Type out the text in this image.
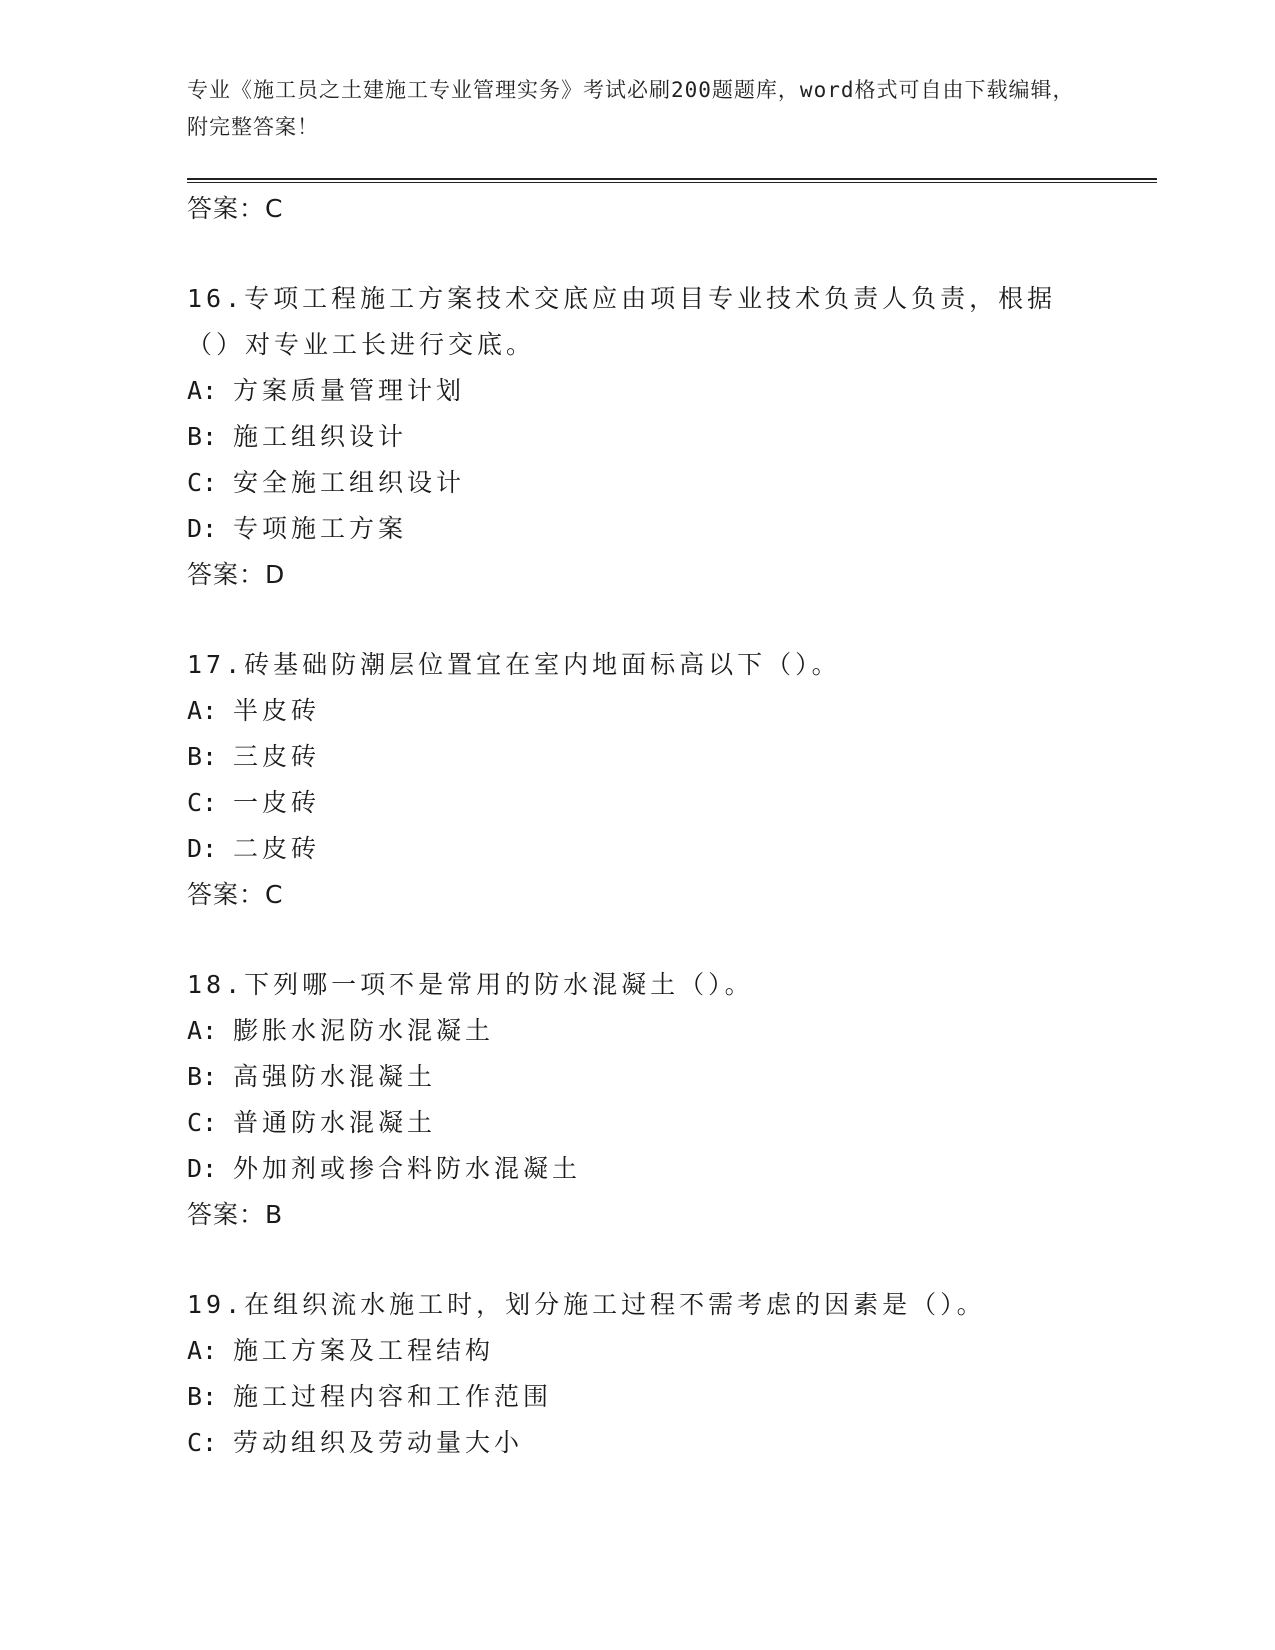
专业《施工员之土建施工专业管理实务》考试必刷200题题库，word格式可自由下载编辑，附完整答案！
答案：C
16.专项工程施工方案技术交底应由项目专业技术负责人负责，根据（）对专业工长进行交底。
A: 方案质量管理计划
B: 施工组织设计
C: 安全施工组织设计
D: 专项施工方案
答案：D
17.砖基础防潮层位置宜在室内地面标高以下（）。
A: 半皮砖
B: 三皮砖
C: 一皮砖
D: 二皮砖
答案：C
18.下列哪一项不是常用的防水混凝土（）。
A: 膨胀水泥防水混凝土
B: 高强防水混凝土
C: 普通防水混凝土
D: 外加剂或掺合料防水混凝土
答案：B
19.在组织流水施工时，划分施工过程不需考虑的因素是（）。
A: 施工方案及工程结构
B: 施工过程内容和工作范围
C: 劳动组织及劳动量大小
